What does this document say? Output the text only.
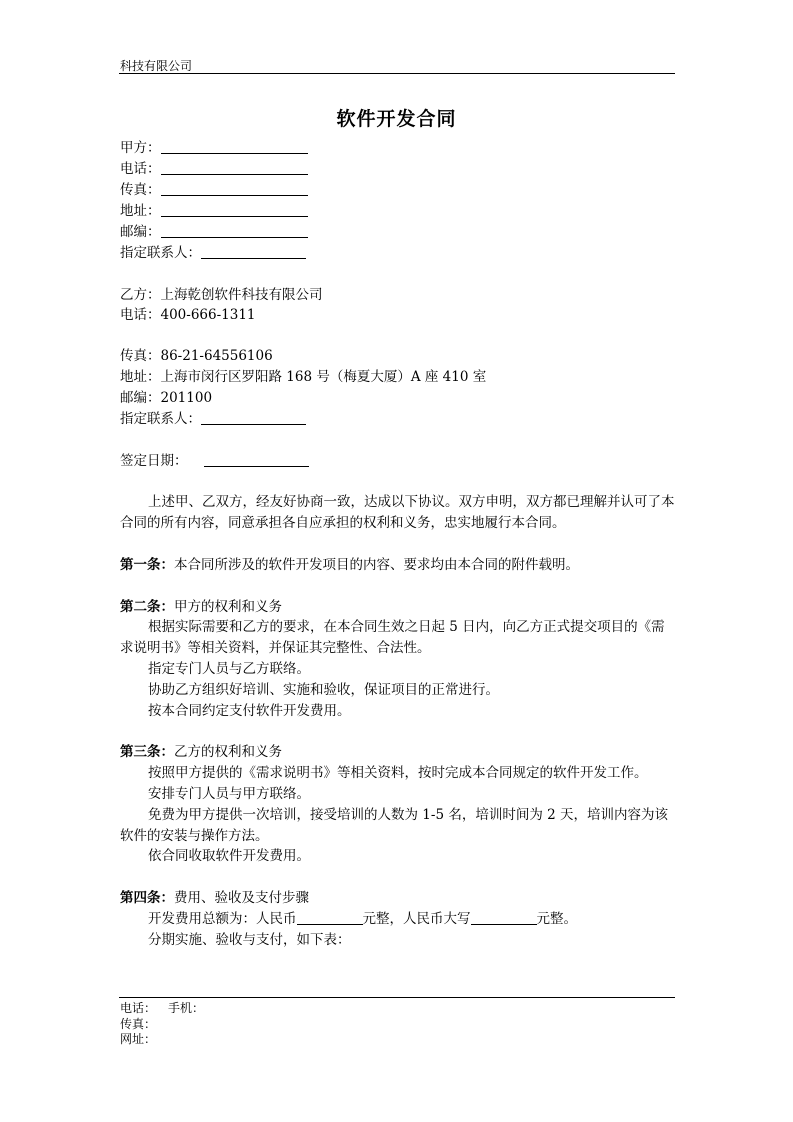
科技有限公司
软件开发合同
甲方：
电话：
传真：
地址：
邮编：
指定联系人：
乙方：上海乾创软件科技有限公司
电话：400-666-1311
传真：86-21-64556106
地址：上海市闵行区罗阳路 168 号（梅夏大厦）A 座 410 室
邮编：201100
指定联系人：
签定日期：
上述甲、乙双方，经友好协商一致，达成以下协议。双方申明，双方都已理解并认可了本合同的所有内容，同意承担各自应承担的权利和义务，忠实地履行本合同。
第一条：本合同所涉及的软件开发项目的内容、要求均由本合同的附件载明。
第二条：甲方的权利和义务
根据实际需要和乙方的要求，在本合同生效之日起 5 日内，向乙方正式提交项目的《需求说明书》等相关资料，并保证其完整性、合法性。
指定专门人员与乙方联络。
协助乙方组织好培训、实施和验收，保证项目的正常进行。
按本合同约定支付软件开发费用。
第三条：乙方的权利和义务
按照甲方提供的《需求说明书》等相关资料，按时完成本合同规定的软件开发工作。
安排专门人员与甲方联络。
免费为甲方提供一次培训，接受培训的人数为 1-5 名，培训时间为 2 天，培训内容为该软件的安装与操作方法。
依合同收取软件开发费用。
第四条：费用、验收及支付步骤
开发费用总额为：人民币	元整，人民币大写	元整。
分期实施、验收与支付，如下表：
电话： 手机：
传真：
网址：
